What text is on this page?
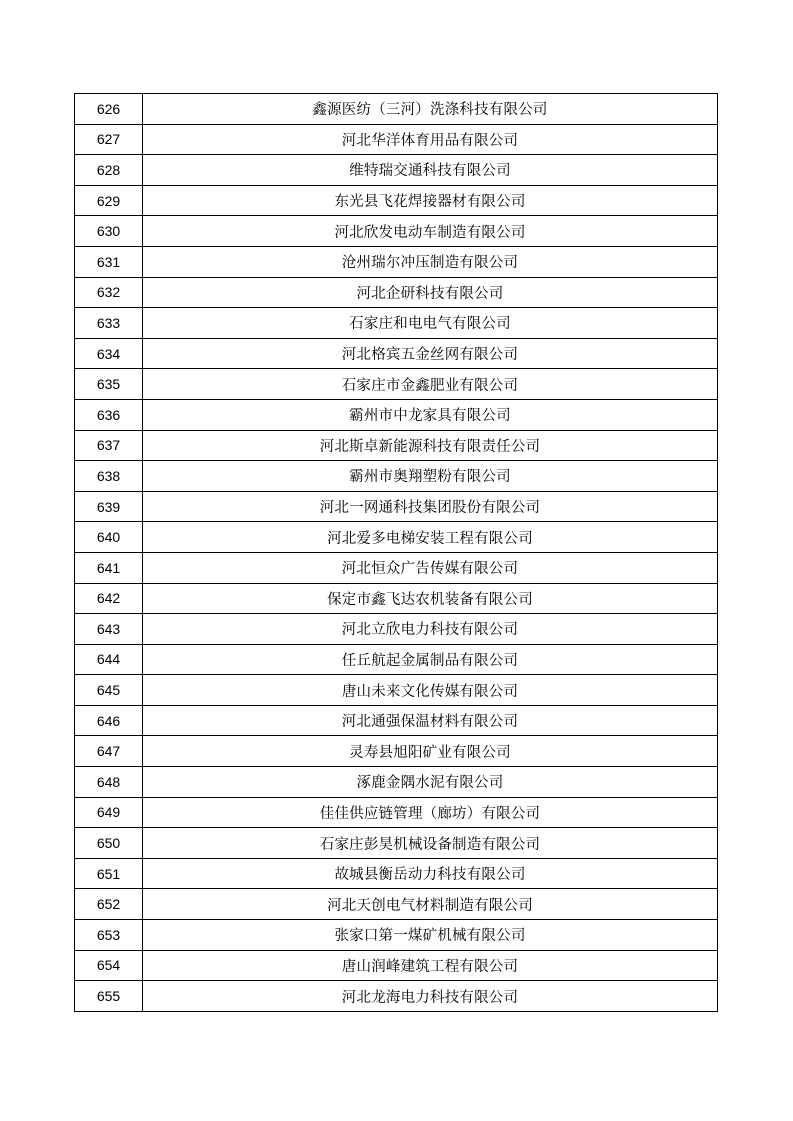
626	鑫源医纺（三河）洗涤科技有限公司
627	河北华洋体育用品有限公司
628	维特瑞交通科技有限公司
629	东光县飞花焊接器材有限公司
630	河北欣发电动车制造有限公司
631	沧州瑞尔冲压制造有限公司
632	河北企研科技有限公司
633	石家庄和电电气有限公司
634	河北格宾五金丝网有限公司
635	石家庄市金鑫肥业有限公司
636	霸州市中龙家具有限公司
637	河北斯卓新能源科技有限责任公司
638	霸州市奥翔塑粉有限公司
639	河北一网通科技集团股份有限公司
640	河北爱多电梯安装工程有限公司
641	河北恒众广告传媒有限公司
642	保定市鑫飞达农机装备有限公司
643	河北立欣电力科技有限公司
644	任丘航起金属制品有限公司
645	唐山未来文化传媒有限公司
646	河北通强保温材料有限公司
647	灵寿县旭阳矿业有限公司
648	涿鹿金隅水泥有限公司
649	佳佳供应链管理（廊坊）有限公司
650	石家庄彭昊机械设备制造有限公司
651	故城县衡岳动力科技有限公司
652	河北天创电气材料制造有限公司
653	张家口第一煤矿机械有限公司
654	唐山润峰建筑工程有限公司
655	河北龙海电力科技有限公司
